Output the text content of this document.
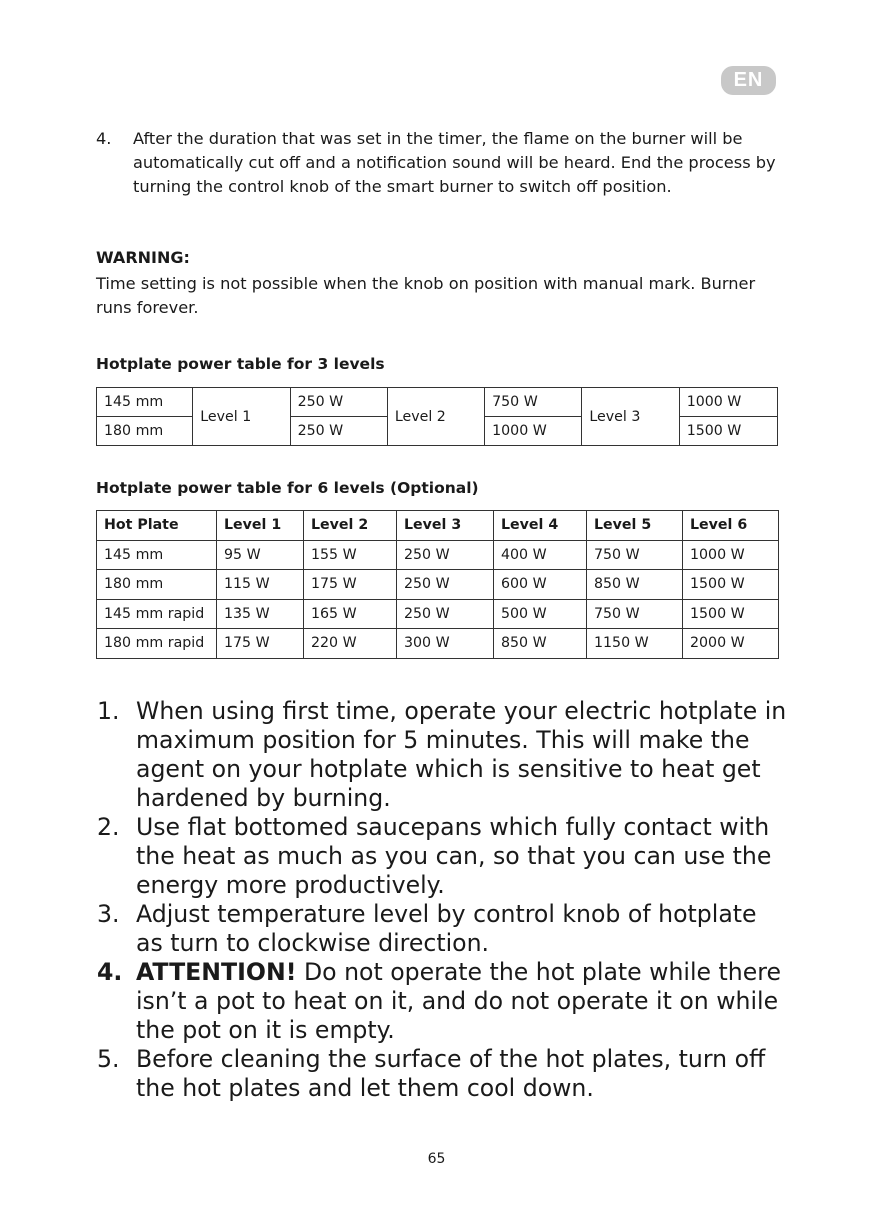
EN
4. After the duration that was set in the timer, the flame on the burner will be automatically cut off and a notification sound will be heard. End the process by turning the control knob of the smart burner to switch off position.
WARNING:
Time setting is not possible when the knob on position with manual mark. Burner runs forever.
Hotplate power table for 3 levels
145 mm	Level 1	250 W	Level 2	750 W	Level 3	1000 W
180 mm		250 W		1000 W		1500 W
Hotplate power table for 6 levels (Optional)
Hot Plate	Level 1	Level 2	Level 3	Level 4	Level 5	Level 6
145 mm	95 W	155 W	250 W	400 W	750 W	1000 W
180 mm	115 W	175 W	250 W	600 W	850 W	1500 W
145 mm rapid	135 W	165 W	250 W	500 W	750 W	1500 W
180 mm rapid	175 W	220 W	300 W	850 W	1150 W	2000 W
1. When using first time, operate your electric hotplate in maximum position for 5 minutes. This will make the agent on your hotplate which is sensitive to heat get hardened by burning.
2. Use flat bottomed saucepans which fully contact with the heat as much as you can, so that you can use the energy more productively.
3. Adjust temperature level by control knob of hotplate as turn to clockwise direction.
4. ATTENTION! Do not operate the hot plate while there isn’t a pot to heat on it, and do not operate it on while the pot on it is empty.
5. Before cleaning the surface of the hot plates, turn off the hot plates and let them cool down.
65
